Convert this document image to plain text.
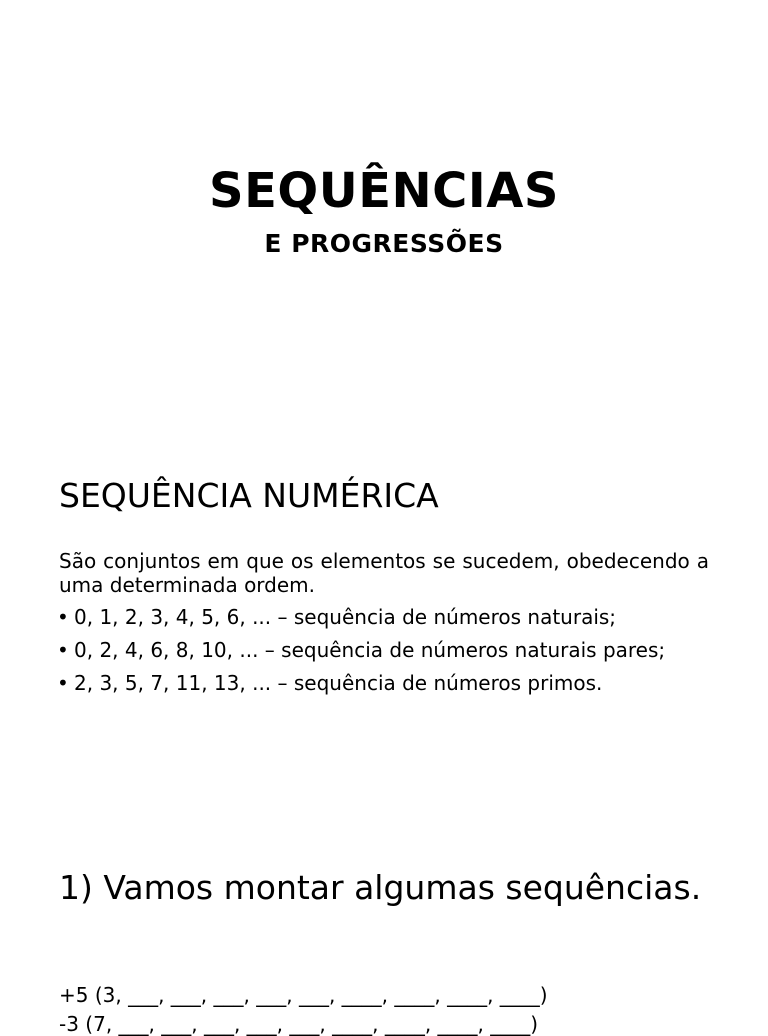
SEQUÊNCIAS
E PROGRESSÕES
SEQUÊNCIA NUMÉRICA

São conjuntos em que os elementos se sucedem, obedecendo a uma determinada ordem.

• 0, 1, 2, 3, 4, 5, 6, ... – sequência de números naturais;
• 0, 2, 4, 6, 8, 10, ... – sequência de números naturais pares;
• 2, 3, 5, 7, 11, 13, ... – sequência de números primos.
1) Vamos montar algumas sequências.
+5 (3, ___, ___, ___, ___, ___, ____, ____, ____, ____)
-3 (7, ___, ___, ___, ___, ___, ____, ____, ____, ____)
